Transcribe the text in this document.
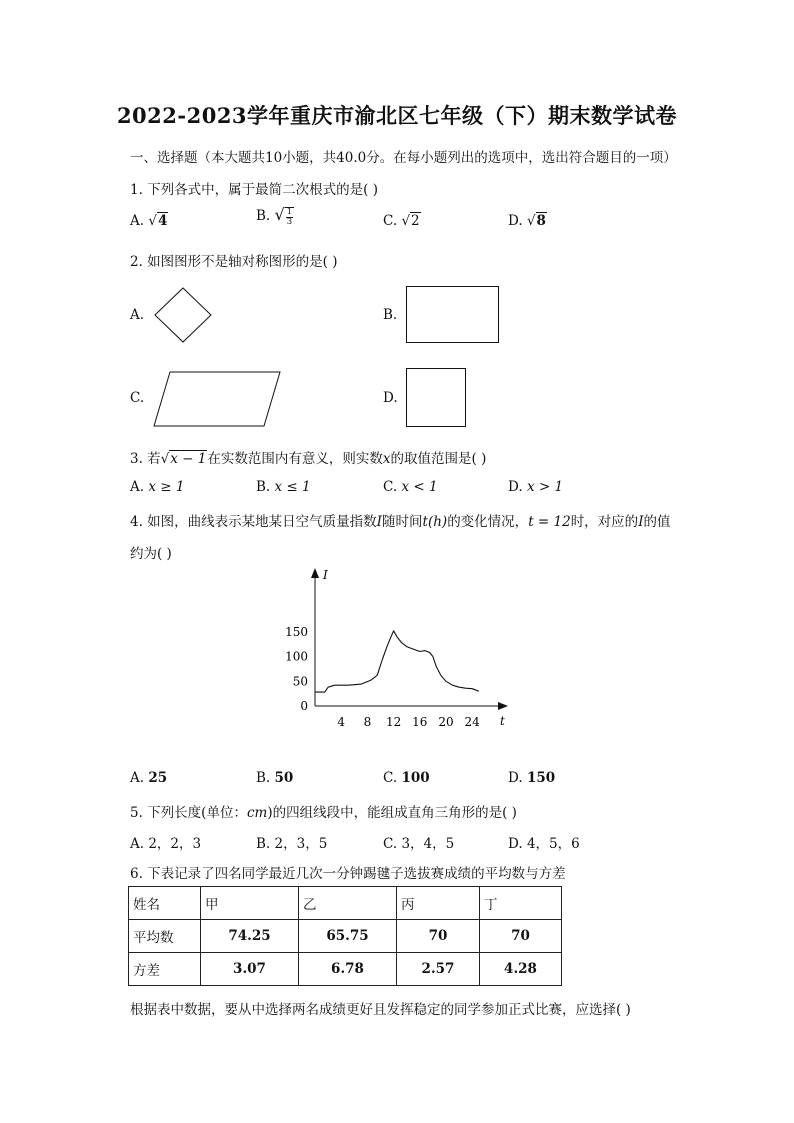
2022-2023学年重庆市渝北区七年级（下）期末数学试卷
一、选择题（本大题共10小题，共40.0分。在每小题列出的选项中，选出符合题目的一项）
1. 下列各式中，属于最简二次根式的是( )
A. √4	B. √ $\frac{1}{3}$	C. √2	D. √8
2. 如图图形不是轴对称图形的是( )
A.	B.
C.	D.
3. 若√x − 1在实数范围内有意义，则实数x的取值范围是( )
A. x ≥ 1	B. x ≤ 1	C. x < 1	D. x > 1
4. 如图，曲线表示某地某日空气质量指数I随时间t(h)的变化情况，t = 12时，对应的I的值
约为( )
t
I
4 8 12 16 20 24
0
50
100
150
A. 25	B. 50	C. 100	D. 150
5. 下列长度(单位：cm)的四组线段中，能组成直角三角形的是( )
A. 2，2，3	B. 2，3，5	C. 3，4，5	D. 4，5，6
6. 下表记录了四名同学最近几次一分钟踢毽子选拔赛成绩的平均数与方差
姓名	甲	乙	丙	丁
平均数	74.25	65.75	70	70
方差	3.07	6.78	2.57	4.28
根据表中数据，要从中选择两名成绩更好且发挥稳定的同学参加正式比赛，应选择( )
